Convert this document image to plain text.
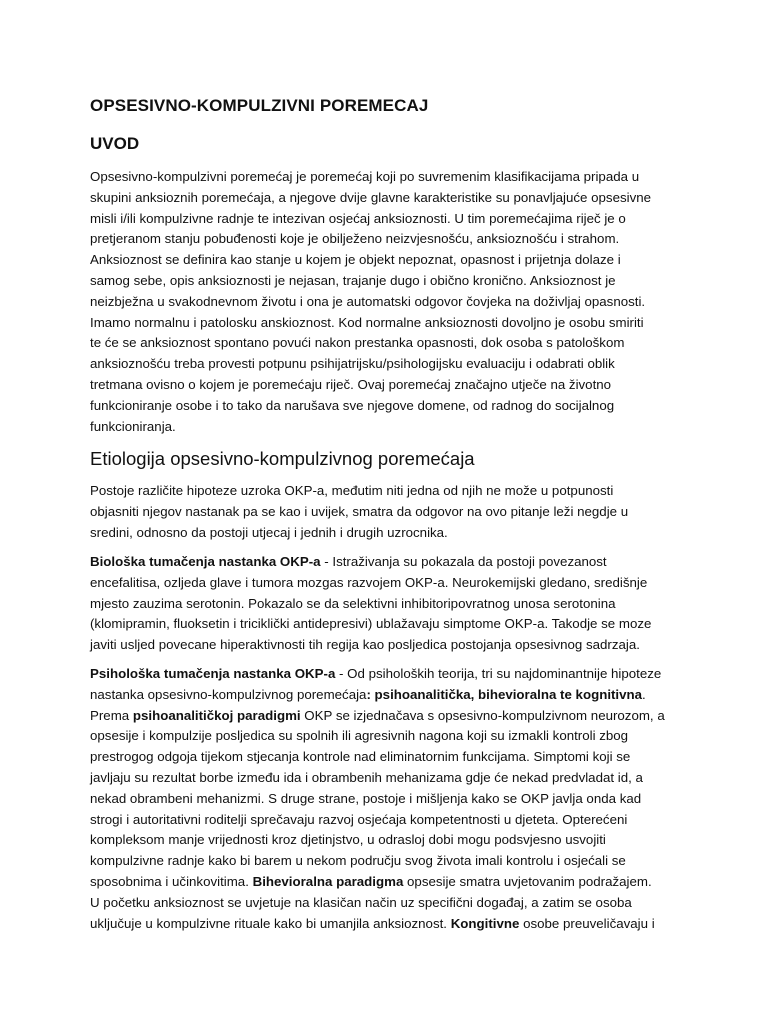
OPSESIVNO-KOMPULZIVNI POREMECAJ
UVOD

Opsesivno-kompulzivni poremećaj je poremećaj koji po suvremenim klasifikacijama pripada u
skupini anksioznih poremećaja, a njegove dvije glavne karakteristike su ponavljajuće opsesivne
misli i/ili kompulzivne radnje te intezivan osjećaj anksioznosti. U tim poremećajima riječ je o
pretjeranom stanju pobuđenosti koje je obilježeno neizvjesnošću, anksioznošću i strahom.
Anksioznost se definira kao stanje u kojem je objekt nepoznat, opasnost i prijetnja dolaze i
samog sebe, opis anksioznosti je nejasan, trajanje dugo i obično kronično. Anksioznost je
neizbježna u svakodnevnom životu i ona je automatski odgovor čovjeka na doživljaj opasnosti.
Imamo normalnu i patolosku anskioznost. Kod normalne anksioznosti dovoljno je osobu smiriti
te će se anksioznost spontano povući nakon prestanka opasnosti, dok osoba s patološkom
anksioznošću treba provesti potpunu psihijatrijsku/psihologijsku evaluaciju i odabrati oblik
tretmana ovisno o kojem je poremećaju riječ. Ovaj poremećaj značajno utječe na životno
funkcioniranje osobe i to tako da narušava sve njegove domene, od radnog do socijalnog
funkcioniranja.

Etiologija opsesivno-kompulzivnog poremećaja

Postoje različite hipoteze uzroka OKP-a, međutim niti jedna od njih ne može u potpunosti
objasniti njegov nastanak pa se kao i uvijek, smatra da odgovor na ovo pitanje leži negdje u
sredini, odnosno da postoji utjecaj i jednih i drugih uzrocnika.

Biološka tumačenja nastanka OKP-a - Istraživanja su pokazala da postoji povezanost
encefalitisa, ozljeda glave i tumora mozgas razvojem OKP-a. Neurokemijski gledano, središnje
mjesto zauzima serotonin. Pokazalo se da selektivni inhibitoripovratnog unosa serotonina
(klomipramin, fluoksetin i triciklički antidepresivi) ublažavaju simptome OKP-a. Takodje se moze
javiti usljed povecane hiperaktivnosti tih regija kao posljedica postojanja opsesivnog sadrzaja.

Psihološka tumačenja nastanka OKP-a - Od psiholoških teorija, tri su najdominantnije hipoteze
nastanka opsesivno-kompulzivnog poremećaja: psihoanalitička, bihevioralna te kognitivna.
Prema psihoanalitičkoj paradigmi OKP se izjednačava s opsesivno-kompulzivnom neurozom, a
opsesije i kompulzije posljedica su spolnih ili agresivnih nagona koji su izmakli kontroli zbog
prestrogog odgoja tijekom stjecanja kontrole nad eliminatornim funkcijama. Simptomi koji se
javljaju su rezultat borbe između ida i obrambenih mehanizama gdje će nekad predvladat id, a
nekad obrambeni mehanizmi. S druge strane, postoje i mišljenja kako se OKP javlja onda kad
strogi i autoritativni roditelji sprečavaju razvoj osjećaja kompetentnosti u djeteta. Opterećeni
kompleksom manje vrijednosti kroz djetinjstvo, u odrasloj dobi mogu podsvjesno usvojiti
kompulzivne radnje kako bi barem u nekom području svog života imali kontrolu i osjećali se
sposobnima i učinkovitima. Bihevioralna paradigma opsesije smatra uvjetovanim podražajem.
U početku anksioznost se uvjetuje na klasičan način uz specifični događaj, a zatim se osoba
uključuje u kompulzivne rituale kako bi umanjila anksioznost. Kongitivne osobe preuveličavaju i
